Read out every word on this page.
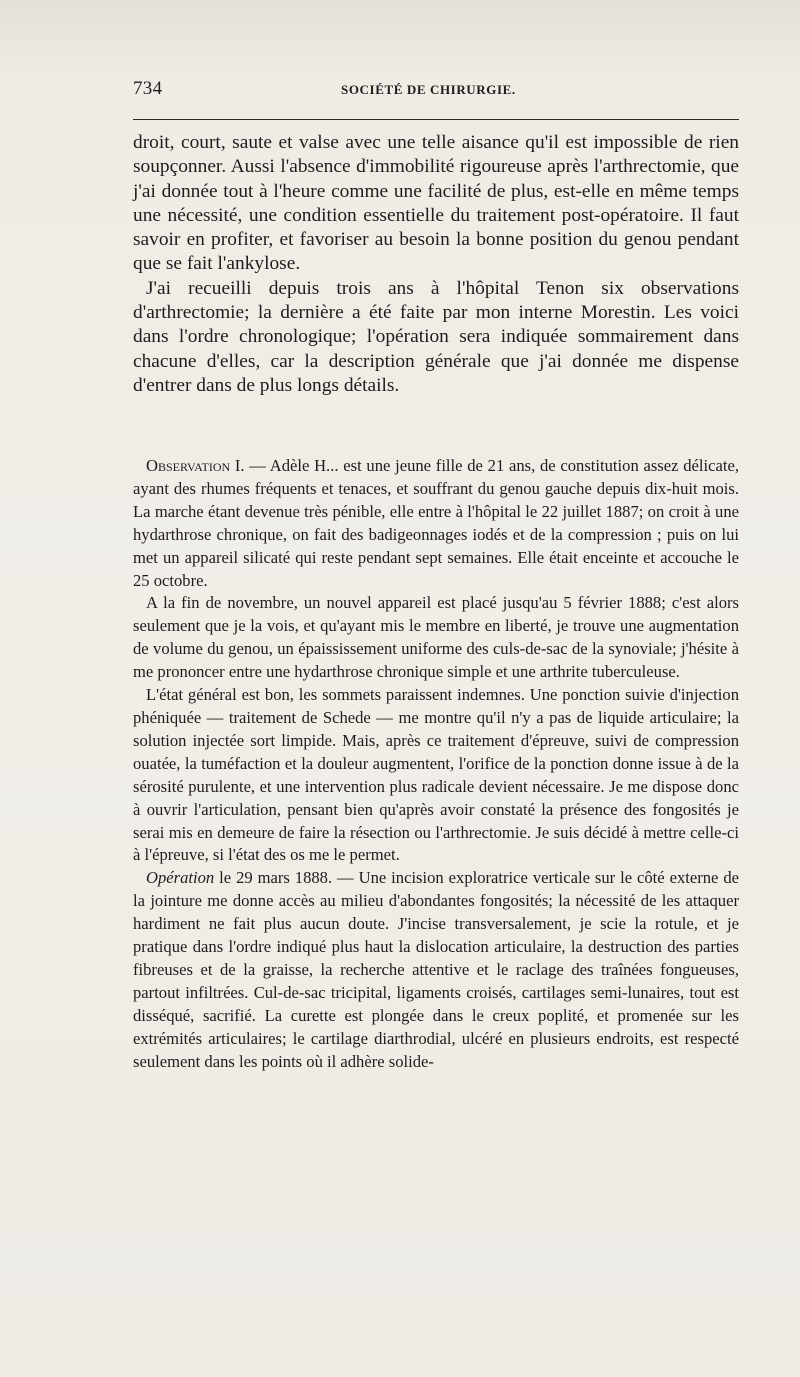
734	SOCIÉTÉ DE CHIRURGIE.

droit, court, saute et valse avec une telle aisance qu'il est impossible de rien soupçonner. Aussi l'absence d'immobilité rigoureuse après l'arthrectomie, que j'ai donnée tout à l'heure comme une facilité de plus, est-elle en même temps une nécessité, une condition essentielle du traitement post-opératoire. Il faut savoir en profiter, et favoriser au besoin la bonne position du genou pendant que se fait l'ankylose.

J'ai recueilli depuis trois ans à l'hôpital Tenon six observations d'arthrectomie; la dernière a été faite par mon interne Morestin. Les voici dans l'ordre chronologique; l'opération sera indiquée sommairement dans chacune d'elles, car la description générale que j'ai donnée me dispense d'entrer dans de plus longs détails.

Observation I. — Adèle H... est une jeune fille de 21 ans, de constitution assez délicate, ayant des rhumes fréquents et tenaces, et souffrant du genou gauche depuis dix-huit mois. La marche étant devenue très pénible, elle entre à l'hôpital le 22 juillet 1887; on croit à une hydarthrose chronique, on fait des badigeonnages iodés et de la compression ; puis on lui met un appareil silicaté qui reste pendant sept semaines. Elle était enceinte et accouche le 25 octobre.

A la fin de novembre, un nouvel appareil est placé jusqu'au 5 février 1888; c'est alors seulement que je la vois, et qu'ayant mis le membre en liberté, je trouve une augmentation de volume du genou, un épaississement uniforme des culs-de-sac de la synoviale; j'hésite à me prononcer entre une hydarthrose chronique simple et une arthrite tuberculeuse.

L'état général est bon, les sommets paraissent indemnes. Une ponction suivie d'injection phéniquée — traitement de Schede — me montre qu'il n'y a pas de liquide articulaire; la solution injectée sort limpide. Mais, après ce traitement d'épreuve, suivi de compression ouatée, la tuméfaction et la douleur augmentent, l'orifice de la ponction donne issue à de la sérosité purulente, et une intervention plus radicale devient nécessaire. Je me dispose donc à ouvrir l'articulation, pensant bien qu'après avoir constaté la présence des fongosités je serai mis en demeure de faire la résection ou l'arthrectomie. Je suis décidé à mettre celle-ci à l'épreuve, si l'état des os me le permet.

Opération le 29 mars 1888. — Une incision exploratrice verticale sur le côté externe de la jointure me donne accès au milieu d'abondantes fongosités; la nécessité de les attaquer hardiment ne fait plus aucun doute. J'incise transversalement, je scie la rotule, et je pratique dans l'ordre indiqué plus haut la dislocation articulaire, la destruction des parties fibreuses et de la graisse, la recherche attentive et le raclage des traînées fongueuses, partout infiltrées. Cul-de-sac tricipital, ligaments croisés, cartilages semi-lunaires, tout est disséqué, sacrifié. La curette est plongée dans le creux poplité, et promenée sur les extrémités articulaires; le cartilage diarthrodial, ulcéré en plusieurs endroits, est respecté seulement dans les points où il adhère solide-
